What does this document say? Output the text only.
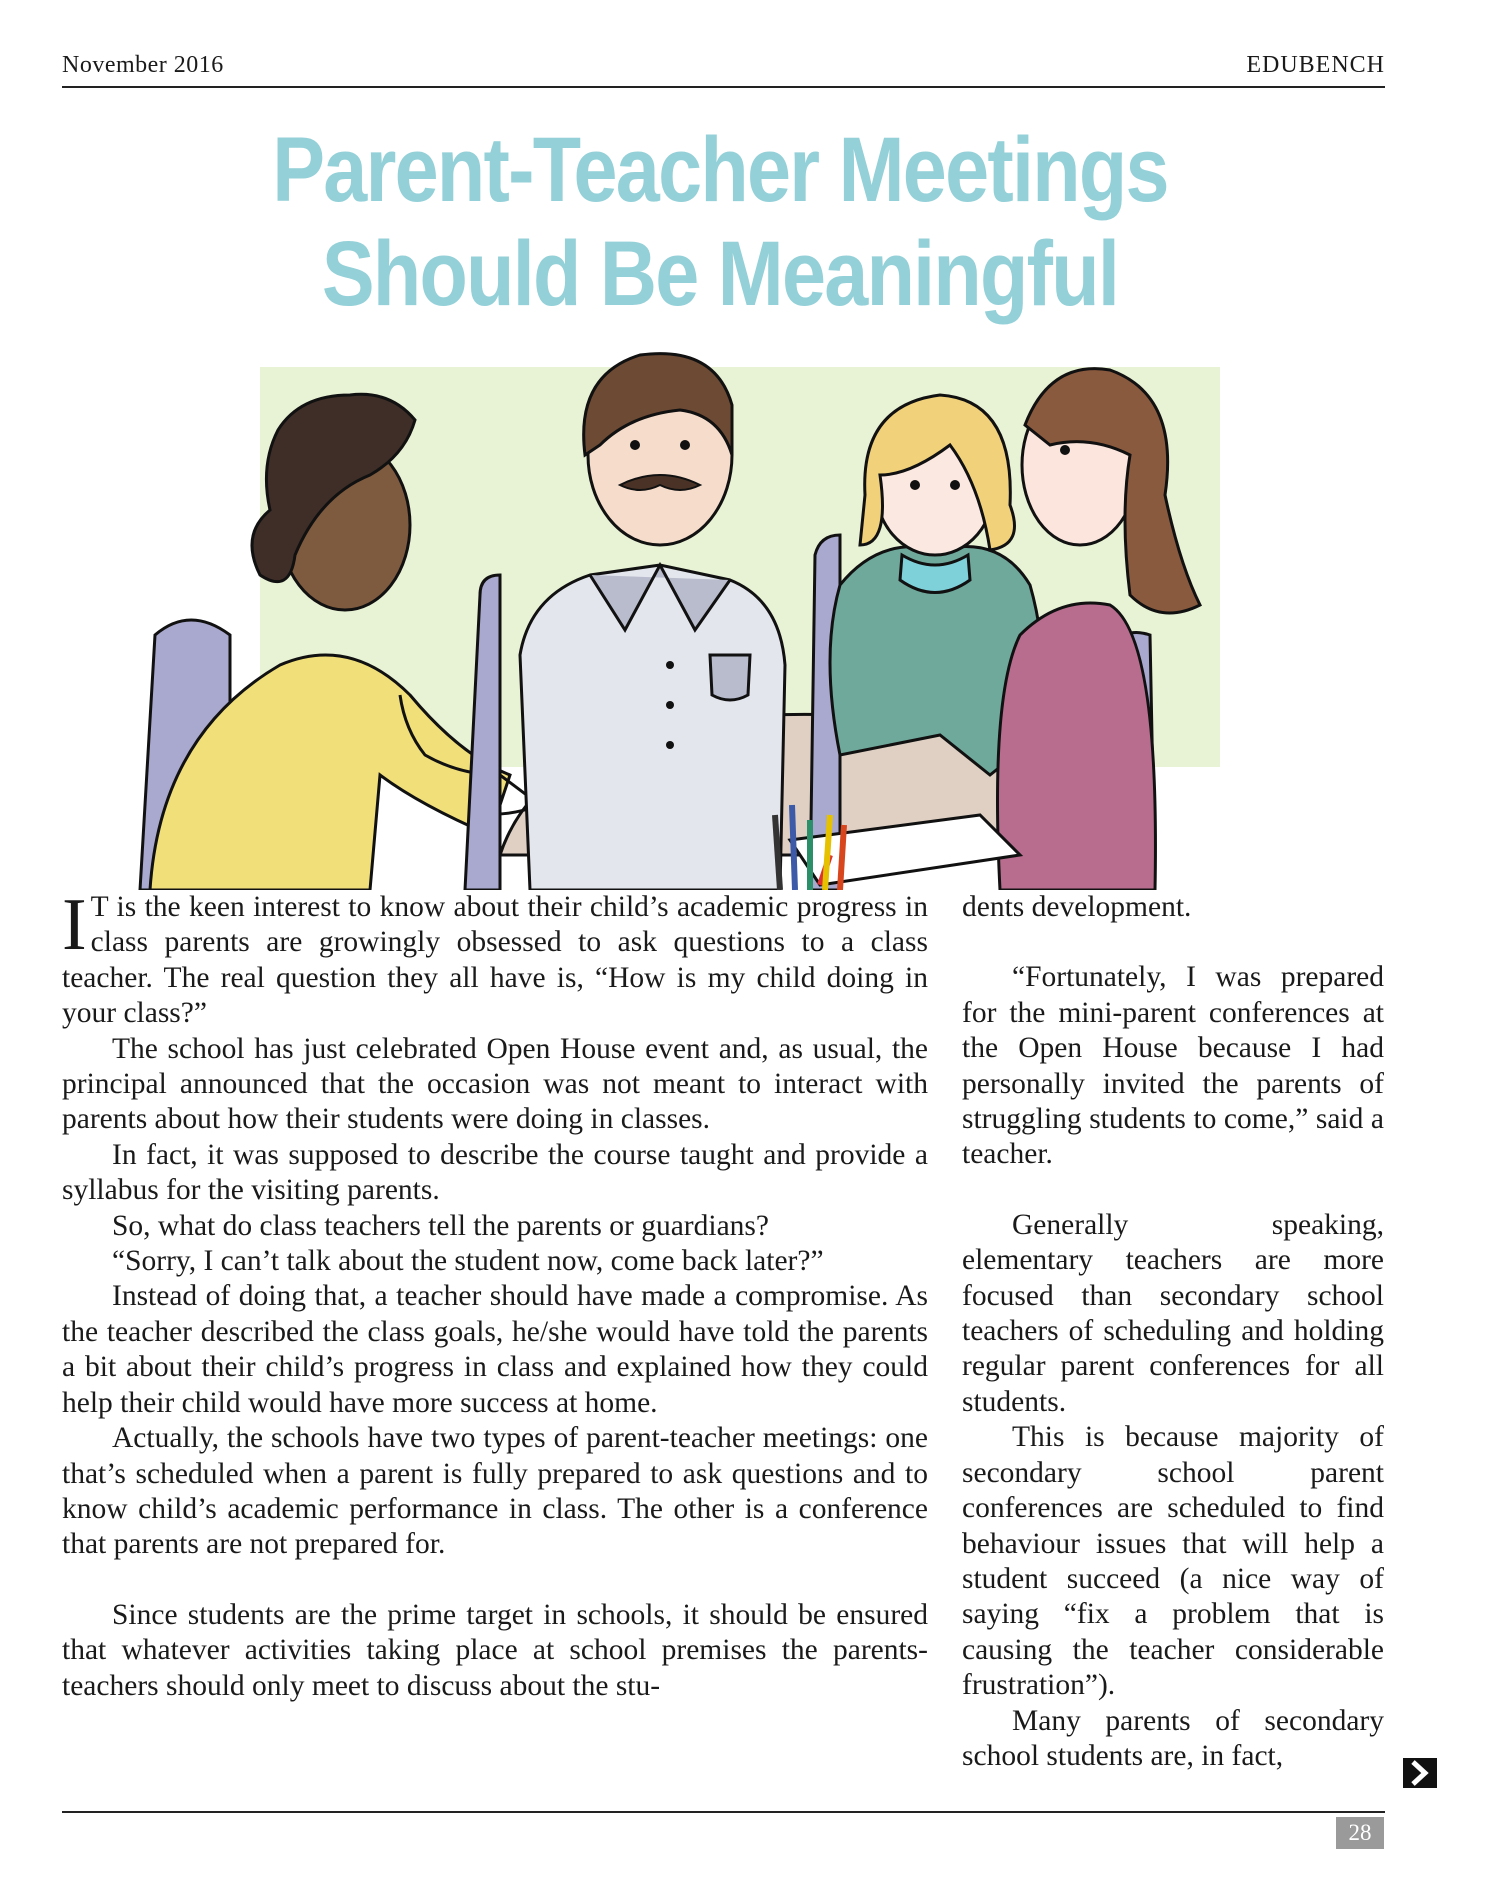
November 2016	EDUBENCH
Parent-Teacher Meetings
Should Be Meaningful

I T is the keen interest to know about their child’s academic progress in class parents are growingly obsessed to ask questions to a class teacher. The real question they all have is, “How is my child doing in your class?”

The school has just celebrated Open House event and, as usual, the principal announced that the occasion was not meant to interact with parents about how their students were doing in classes.

In fact, it was supposed to describe the course taught and provide a syllabus for the visiting parents.

So, what do class teachers tell the parents or guardians?

“Sorry, I can’t talk about the student now, come back later?”

Instead of doing that, a teacher should have made a compromise. As the teacher described the class goals, he/she would have told the parents a bit about their child’s progress in class and explained how they could help their child would have more success at home.

Actually, the schools have two types of parent-teacher meetings: one that’s scheduled when a parent is fully prepared to ask questions and to know child’s academic performance in class. The other is a conference that parents are not prepared for.

Since students are the prime target in schools, it should be ensured that whatever activities taking place at school premises the parents-teachers should only meet to discuss about the stu-

dents development.

“Fortunately, I was prepared for the mini-parent conferences at the Open House because I had personally invited the parents of struggling students to come,” said a teacher.

Generally speaking, elementary teachers are more focused than secondary school teachers of scheduling and holding regular parent conferences for all students.

This is because majority of secondary school parent conferences are scheduled to find behaviour issues that will help a student succeed (a nice way of saying “fix a problem that is causing the teacher considerable frustration”).

Many parents of secondary school students are, in fact,

28
